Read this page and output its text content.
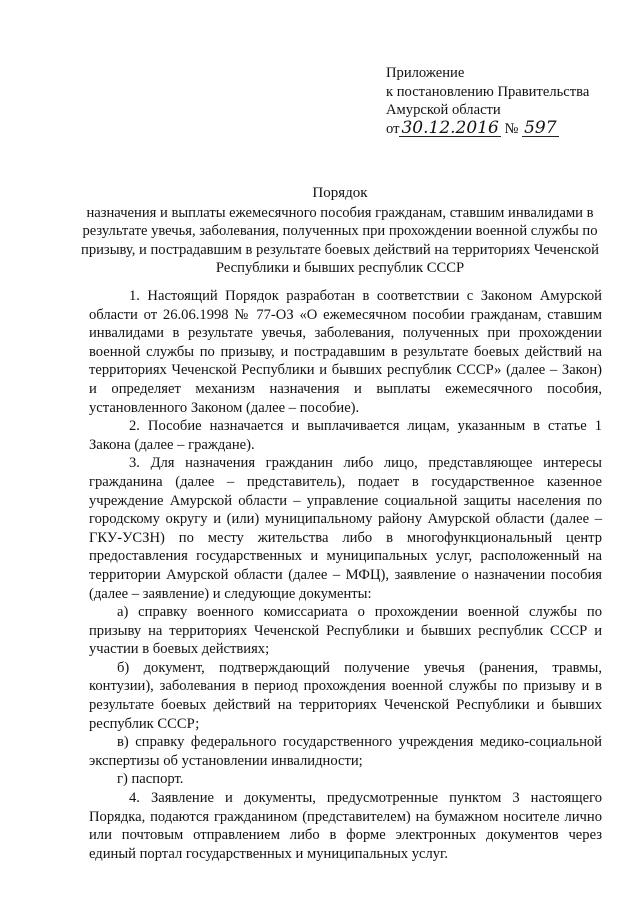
Приложение
к постановлению Правительства
Амурской области
от 30.12.2016 № 597
Порядок
назначения и выплаты ежемесячного пособия гражданам, ставшим инвалидами в результате увечья, заболевания, полученных при прохождении военной службы по призыву, и пострадавшим в результате боевых действий на территориях Чеченской Республики и бывших республик СССР

1. Настоящий Порядок разработан в соответствии с Законом Амурской области от 26.06.1998 № 77-ОЗ «О ежемесячном пособии гражданам, ставшим инвалидами в результате увечья, заболевания, полученных при прохождении военной службы по призыву, и пострадавшим в результате боевых действий на территориях Чеченской Республики и бывших республик СССР» (далее – Закон) и определяет механизм назначения и выплаты ежемесячного пособия, установленного Законом (далее – пособие).

2. Пособие назначается и выплачивается лицам, указанным в статье 1 Закона (далее – граждане).

3. Для назначения гражданин либо лицо, представляющее интересы гражданина (далее – представитель), подает в государственное казенное учреждение Амурской области – управление социальной защиты населения по городскому округу и (или) муниципальному району Амурской области (далее – ГКУ-УСЗН) по месту жительства либо в многофункциональный центр предоставления государственных и муниципальных услуг, расположенный на территории Амурской области (далее – МФЦ), заявление о назначении пособия (далее – заявление) и следующие документы:

а) справку военного комиссариата о прохождении военной службы по призыву на территориях Чеченской Республики и бывших республик СССР и участии в боевых действиях;

б) документ, подтверждающий получение увечья (ранения, травмы, контузии), заболевания в период прохождения военной службы по призыву и в результате боевых действий на территориях Чеченской Республики и бывших республик СССР;

в) справку федерального государственного учреждения медико-социальной экспертизы об установлении инвалидности;

г) паспорт.

4. Заявление и документы, предусмотренные пунктом 3 настоящего Порядка, подаются гражданином (представителем) на бумажном носителе лично или почтовым отправлением либо в форме электронных документов через единый портал государственных и муниципальных услуг.
